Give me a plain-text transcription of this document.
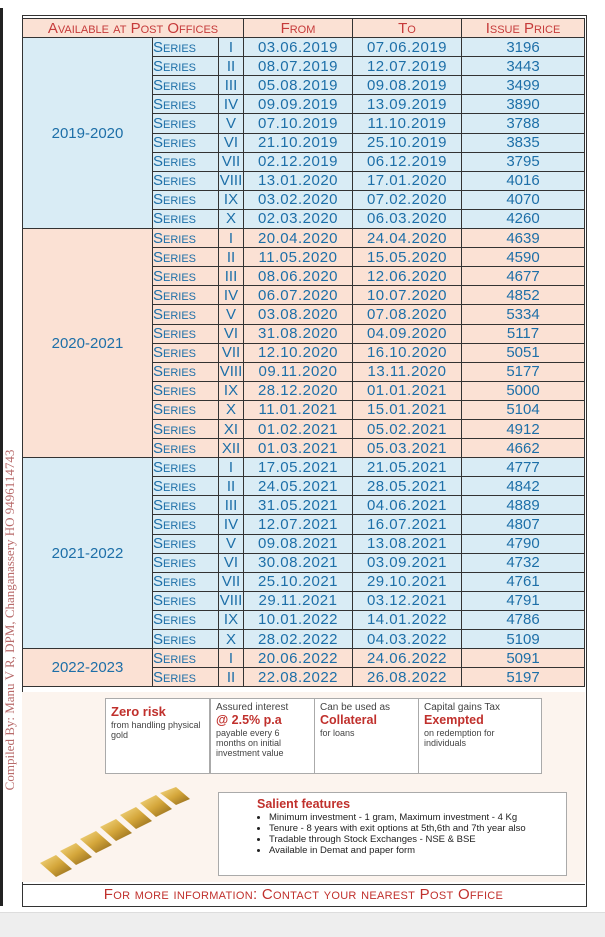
Compiled By: Manu V R, DPM, Changanassery HO 9496114743
Available at Post Offices			From	To	Issue Price
2019-2020	Series	I	03.06.2019	07.06.2019	3196
	Series	II	08.07.2019	12.07.2019	3443
	Series	III	05.08.2019	09.08.2019	3499
	Series	IV	09.09.2019	13.09.2019	3890
	Series	V	07.10.2019	11.10.2019	3788
	Series	VI	21.10.2019	25.10.2019	3835
	Series	VII	02.12.2019	06.12.2019	3795
	Series	VIII	13.01.2020	17.01.2020	4016
	Series	IX	03.02.2020	07.02.2020	4070
	Series	X	02.03.2020	06.03.2020	4260
2020-2021	Series	I	20.04.2020	24.04.2020	4639
	Series	II	11.05.2020	15.05.2020	4590
	Series	III	08.06.2020	12.06.2020	4677
	Series	IV	06.07.2020	10.07.2020	4852
	Series	V	03.08.2020	07.08.2020	5334
	Series	VI	31.08.2020	04.09.2020	5117
	Series	VII	12.10.2020	16.10.2020	5051
	Series	VIII	09.11.2020	13.11.2020	5177
	Series	IX	28.12.2020	01.01.2021	5000
	Series	X	11.01.2021	15.01.2021	5104
	Series	XI	01.02.2021	05.02.2021	4912
	Series	XII	01.03.2021	05.03.2021	4662
2021-2022	Series	I	17.05.2021	21.05.2021	4777
	Series	II	24.05.2021	28.05.2021	4842
	Series	III	31.05.2021	04.06.2021	4889
	Series	IV	12.07.2021	16.07.2021	4807
	Series	V	09.08.2021	13.08.2021	4790
	Series	VI	30.08.2021	03.09.2021	4732
	Series	VII	25.10.2021	29.10.2021	4761
	Series	VIII	29.11.2021	03.12.2021	4791
	Series	IX	10.01.2022	14.01.2022	4786
	Series	X	28.02.2022	04.03.2022	5109
2022-2023	Series	I	20.06.2022	24.06.2022	5091
	Series	II	22.08.2022	26.08.2022	5197
Zero risk
from handling physical gold
Assured interest
@ 2.5% p.a
payable every 6 months on initial investment value
Can be used as
Collateral
for loans
Capital gains Tax
Exempted
on redemption for individuals
Salient features
• Minimum investment - 1 gram, Maximum investment - 4 Kg
• Tenure - 8 years with exit options at 5th,6th and 7th year also
• Tradable through Stock Exchanges - NSE & BSE
• Available in Demat and paper form
For more information: Contact your nearest Post Office
